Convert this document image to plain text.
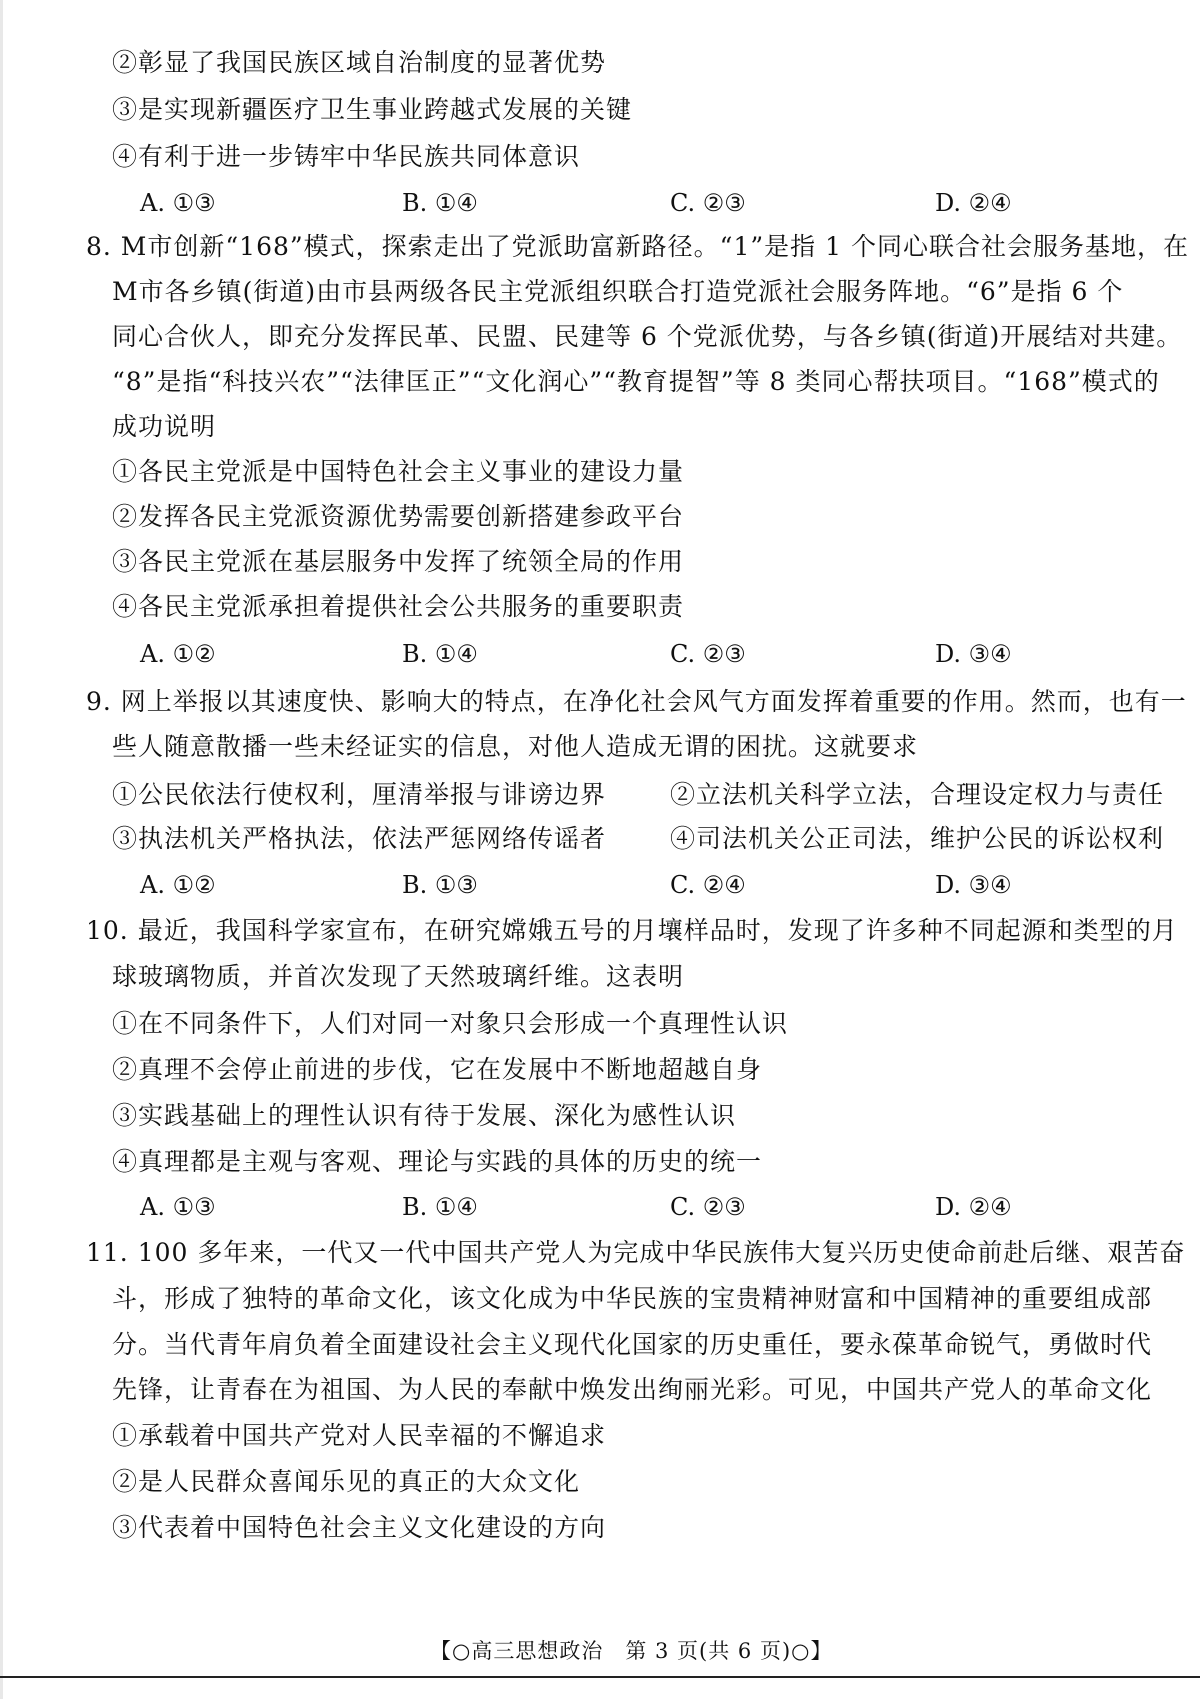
②彰显了我国民族区域自治制度的显著优势
③是实现新疆医疗卫生事业跨越式发展的关键
④有利于进一步铸牢中华民族共同体意识
A. ①③	B. ①④	C. ②③	D. ②④
8. M市创新“168”模式，探索走出了党派助富新路径。“1”是指 1 个同心联合社会服务基地，在
M市各乡镇(街道)由市县两级各民主党派组织联合打造党派社会服务阵地。“6”是指 6 个
同心合伙人，即充分发挥民革、民盟、民建等 6 个党派优势，与各乡镇(街道)开展结对共建。
“8”是指“科技兴农”“法律匡正”“文化润心”“教育提智”等 8 类同心帮扶项目。“168”模式的
成功说明
①各民主党派是中国特色社会主义事业的建设力量
②发挥各民主党派资源优势需要创新搭建参政平台
③各民主党派在基层服务中发挥了统领全局的作用
④各民主党派承担着提供社会公共服务的重要职责
A. ①②	B. ①④	C. ②③	D. ③④
9. 网上举报以其速度快、影响大的特点，在净化社会风气方面发挥着重要的作用。然而，也有一
些人随意散播一些未经证实的信息，对他人造成无谓的困扰。这就要求
①公民依法行使权利，厘清举报与诽谤边界	②立法机关科学立法，合理设定权力与责任
③执法机关严格执法，依法严惩网络传谣者	④司法机关公正司法，维护公民的诉讼权利
A. ①②	B. ①③	C. ②④	D. ③④
10. 最近，我国科学家宣布，在研究嫦娥五号的月壤样品时，发现了许多种不同起源和类型的月
球玻璃物质，并首次发现了天然玻璃纤维。这表明
①在不同条件下，人们对同一对象只会形成一个真理性认识
②真理不会停止前进的步伐，它在发展中不断地超越自身
③实践基础上的理性认识有待于发展、深化为感性认识
④真理都是主观与客观、理论与实践的具体的历史的统一
A. ①③	B. ①④	C. ②③	D. ②④
11. 100 多年来，一代又一代中国共产党人为完成中华民族伟大复兴历史使命前赴后继、艰苦奋
斗，形成了独特的革命文化，该文化成为中华民族的宝贵精神财富和中国精神的重要组成部
分。当代青年肩负着全面建设社会主义现代化国家的历史重任，要永葆革命锐气，勇做时代
先锋，让青春在为祖国、为人民的奉献中焕发出绚丽光彩。可见，中国共产党人的革命文化
①承载着中国共产党对人民幸福的不懈追求
②是人民群众喜闻乐见的真正的大众文化
③代表着中国特色社会主义文化建设的方向
【○高三思想政治　第 3 页(共 6 页)○】
